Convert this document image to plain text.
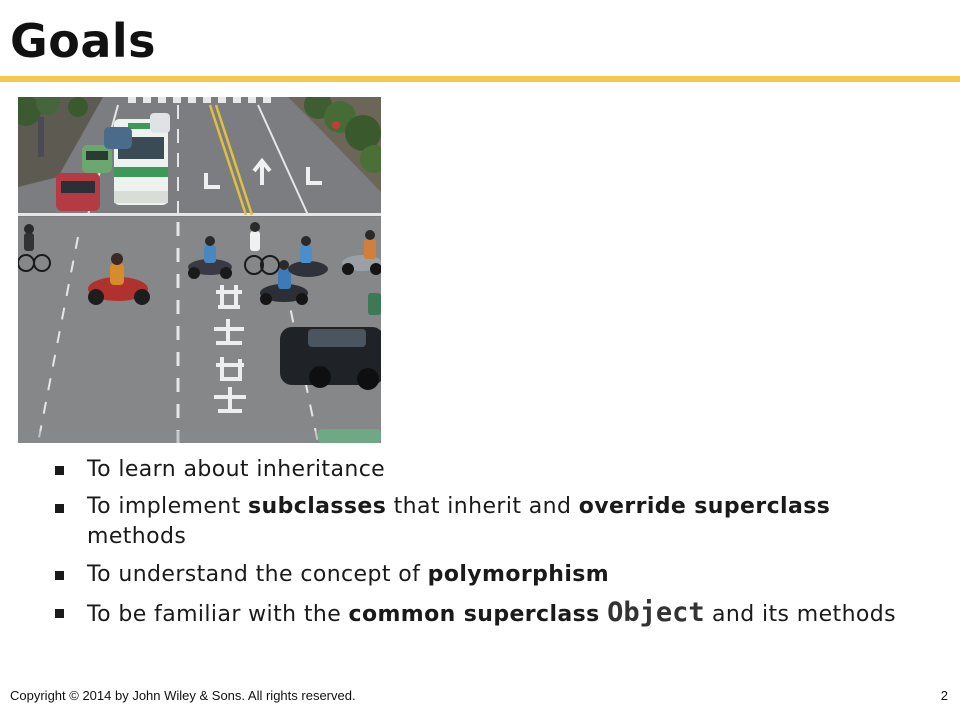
Goals
To learn about inheritance
To implement subclasses that inherit and override superclass methods
To understand the concept of polymorphism
To be familiar with the common superclass Object and its methods
Copyright © 2014 by John Wiley & Sons. All rights reserved.	2
